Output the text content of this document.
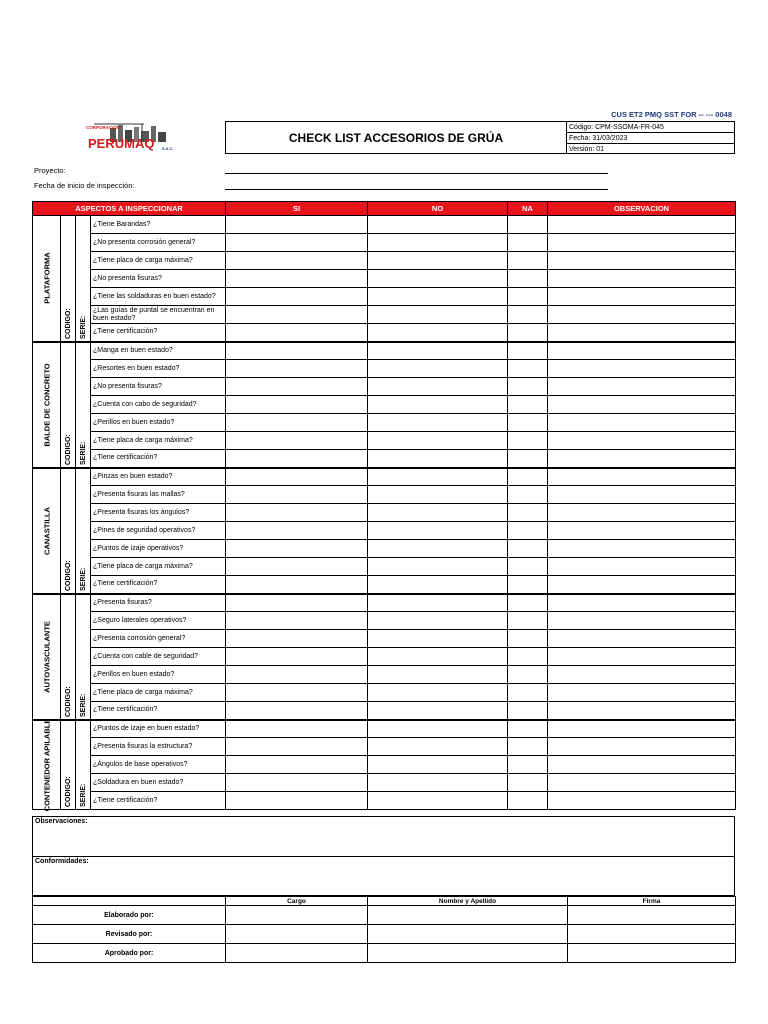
CUS ET2 PMQ SST FOR -- --- 0048
CORPORACIÓN
PERUMAQ S.A.C
CHECK LIST ACCESORIOS DE GRÚA
Código: CPM-SSOMA-FR-045
Fecha: 31/03/2023
Versión: 01
Proyecto:
Fecha de inicio de inspección:
ASPECTOS A INSPECCIONAR				SI	NO	NA	OBSERVACION

PLATAFORMA	CODIGO:	SERIE:	¿Tiene Barandas?				
			¿No presenta corrosión general?				
			¿Tiene placa de carga máxima?				
			¿No presenta fisuras?				
			¿Tiene las soldaduras en buen estado?				
			¿Las guías de puntal se encuentran en buen estado?				
			¿Tiene certificación?				

BALDE DE CONCRETO	CODIGO:	SERIE:	¿Manga en buen estado?				
			¿Resortes en buen estado?				
			¿No presenta fisuras?				
			¿Cuenta con cabo de seguridad?				
			¿Perillos en buen estado?				
			¿Tiene placa de carga máxima?				
			¿Tiene certificación?				

CANASTILLA	CODIGO:	SERIE:	¿Pinzas en buen estado?				
			¿Presenta fisuras las mallas?				
			¿Presenta fisuras los ángulos?				
			¿Pines de seguridad operativos?				
			¿Puntos de izaje operativos?				
			¿Tiene placa de carga máxima?				
			¿Tiene certificación?				

AUTOVASCULANTE	CODIGO:	SERIE:	¿Presenta fisuras?				
			¿Seguro laterales operativos?				
			¿Presenta corrosión general?				
			¿Cuenta con cable de seguridad?				
			¿Perillos en buen estado?				
			¿Tiene placa de carga máxima?				
			¿Tiene certificación?				

CONTENEDOR APILABLE	CODIGO:	SERIE:	¿Puntos de izaje en buen estado?				
			¿Presenta fisuras la estructura?				
			¿Ángulos de base operativos?				
			¿Soldadura en buen estado?				
			¿Tiene certificación?				
Observaciones:
Conformidades:
	Cargo	Nombre y Apellido	Firma
Elaborado por:			
Revisado por:			
Aprobado por:			
